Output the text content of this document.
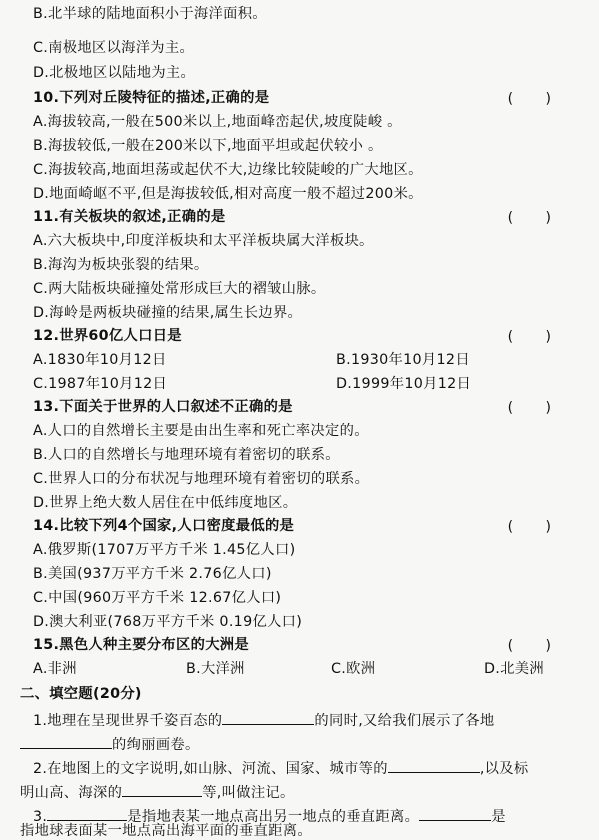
B.北半球的陆地面积小于海洋面积。
C.南极地区以海洋为主。
D.北极地区以陆地为主。
10.下列对丘陵特征的描述,正确的是	( )
A.海拔较高,一般在500米以上,地面峰峦起伏,坡度陡峻 。
B.海拔较低,一般在200米以下,地面平坦或起伏较小 。
C.海拔较高,地面坦荡或起伏不大,边缘比较陡峻的广大地区。
D.地面崎岖不平,但是海拔较低,相对高度一般不超过200米。
11.有关板块的叙述,正确的是	( )
A.六大板块中,印度洋板块和太平洋板块属大洋板块。
B.海沟为板块张裂的结果。
C.两大陆板块碰撞处常形成巨大的褶皱山脉。
D.海岭是两板块碰撞的结果,属生长边界。
12.世界60亿人口日是	( )
A.1830年10月12日	B.1930年10月12日
C.1987年10月12日	D.1999年10月12日
13.下面关于世界的人口叙述不正确的是	( )
A.人口的自然增长主要是由出生率和死亡率决定的。
B.人口的自然增长与地理环境有着密切的联系。
C.世界人口的分布状况与地理环境有着密切的联系。
D.世界上绝大数人居住在中低纬度地区。
14.比较下列4个国家,人口密度最低的是	( )
A.俄罗斯(1707万平方千米 1.45亿人口)
B.美国(937万平方千米 2.76亿人口)
C.中国(960万平方千米 12.67亿人口)
D.澳大利亚(768万平方千米 0.19亿人口)
15.黑色人种主要分布区的大洲是	( )
A.非洲	B.大洋洲	C.欧洲	D.北美洲
二、填空题(20分)
1.地理在呈现世界千姿百态的	的同时,又给我们展示了各地
的绚丽画卷。
2.在地图上的文字说明,如山脉、河流、国家、城市等的	,以及标
明山高、海深的	等,叫做注记。
3.	是指地表某一地点高出另一地点的垂直距离。	是
指地球表面某一地点高出海平面的垂直距离。
